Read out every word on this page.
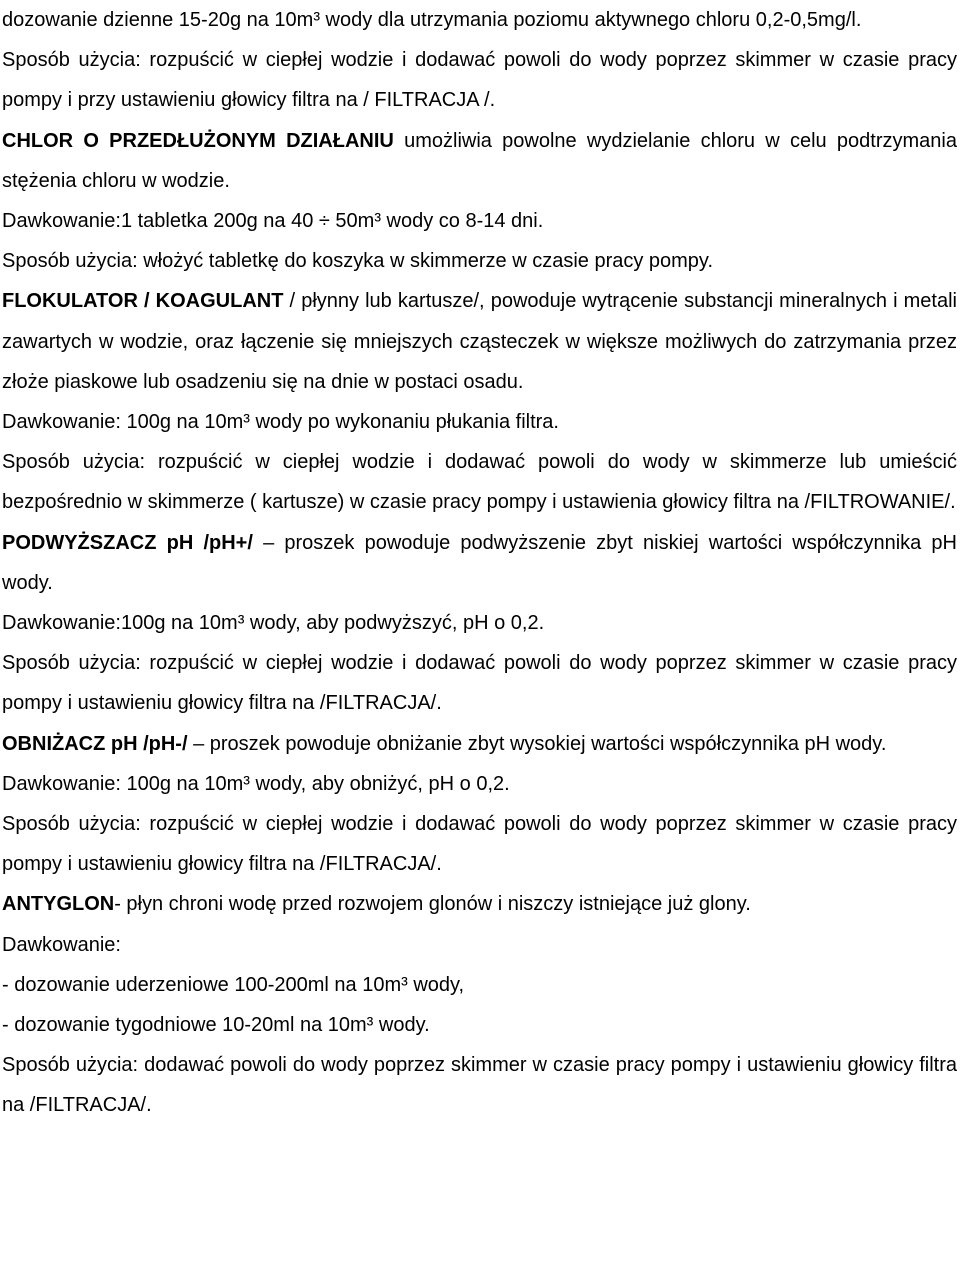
dozowanie dzienne 15-20g na 10m³ wody dla utrzymania poziomu aktywnego chloru 0,2-0,5mg/l.

Sposób użycia: rozpuścić w ciepłej wodzie i dodawać powoli do wody poprzez skimmer w czasie pracy pompy i przy ustawieniu głowicy filtra na / FILTRACJA /.

CHLOR O PRZEDŁUŻONYM DZIAŁANIU umożliwia powolne wydzielanie chloru w celu podtrzymania stężenia chloru w wodzie.

Dawkowanie:1 tabletka 200g na 40 ÷ 50m³ wody co 8-14 dni.

Sposób użycia: włożyć tabletkę do koszyka w skimmerze w czasie pracy pompy.

FLOKULATOR / KOAGULANT / płynny lub kartusze/, powoduje wytrącenie substancji mineralnych i metali zawartych w wodzie, oraz łączenie się mniejszych cząsteczek w większe możliwych do zatrzymania przez złoże piaskowe lub osadzeniu się na dnie w postaci osadu.

Dawkowanie: 100g na 10m³ wody po wykonaniu płukania filtra.

Sposób użycia: rozpuścić w ciepłej wodzie i dodawać powoli do wody w skimmerze lub umieścić bezpośrednio w skimmerze ( kartusze) w czasie pracy pompy i ustawienia głowicy filtra na /FILTROWANIE/.

PODWYŻSZACZ pH /pH+/ – proszek powoduje podwyższenie zbyt niskiej wartości współczynnika pH wody.

Dawkowanie:100g na 10m³ wody, aby podwyższyć, pH o 0,2.

Sposób użycia: rozpuścić w ciepłej wodzie i dodawać powoli do wody poprzez skimmer w czasie pracy pompy i ustawieniu głowicy filtra na /FILTRACJA/.

OBNIŻACZ pH /pH-/ – proszek powoduje obniżanie zbyt wysokiej wartości współczynnika pH wody.

Dawkowanie: 100g na 10m³ wody, aby obniżyć, pH o 0,2.

Sposób użycia: rozpuścić w ciepłej wodzie i dodawać powoli do wody poprzez skimmer w czasie pracy pompy i ustawieniu głowicy filtra na /FILTRACJA/.

ANTYGLON- płyn chroni wodę przed rozwojem glonów i niszczy istniejące już glony.

Dawkowanie:

- dozowanie uderzeniowe 100-200ml na 10m³ wody,

- dozowanie tygodniowe 10-20ml na 10m³ wody.

Sposób użycia: dodawać powoli do wody poprzez skimmer w czasie pracy pompy i ustawieniu głowicy filtra na /FILTRACJA/.
